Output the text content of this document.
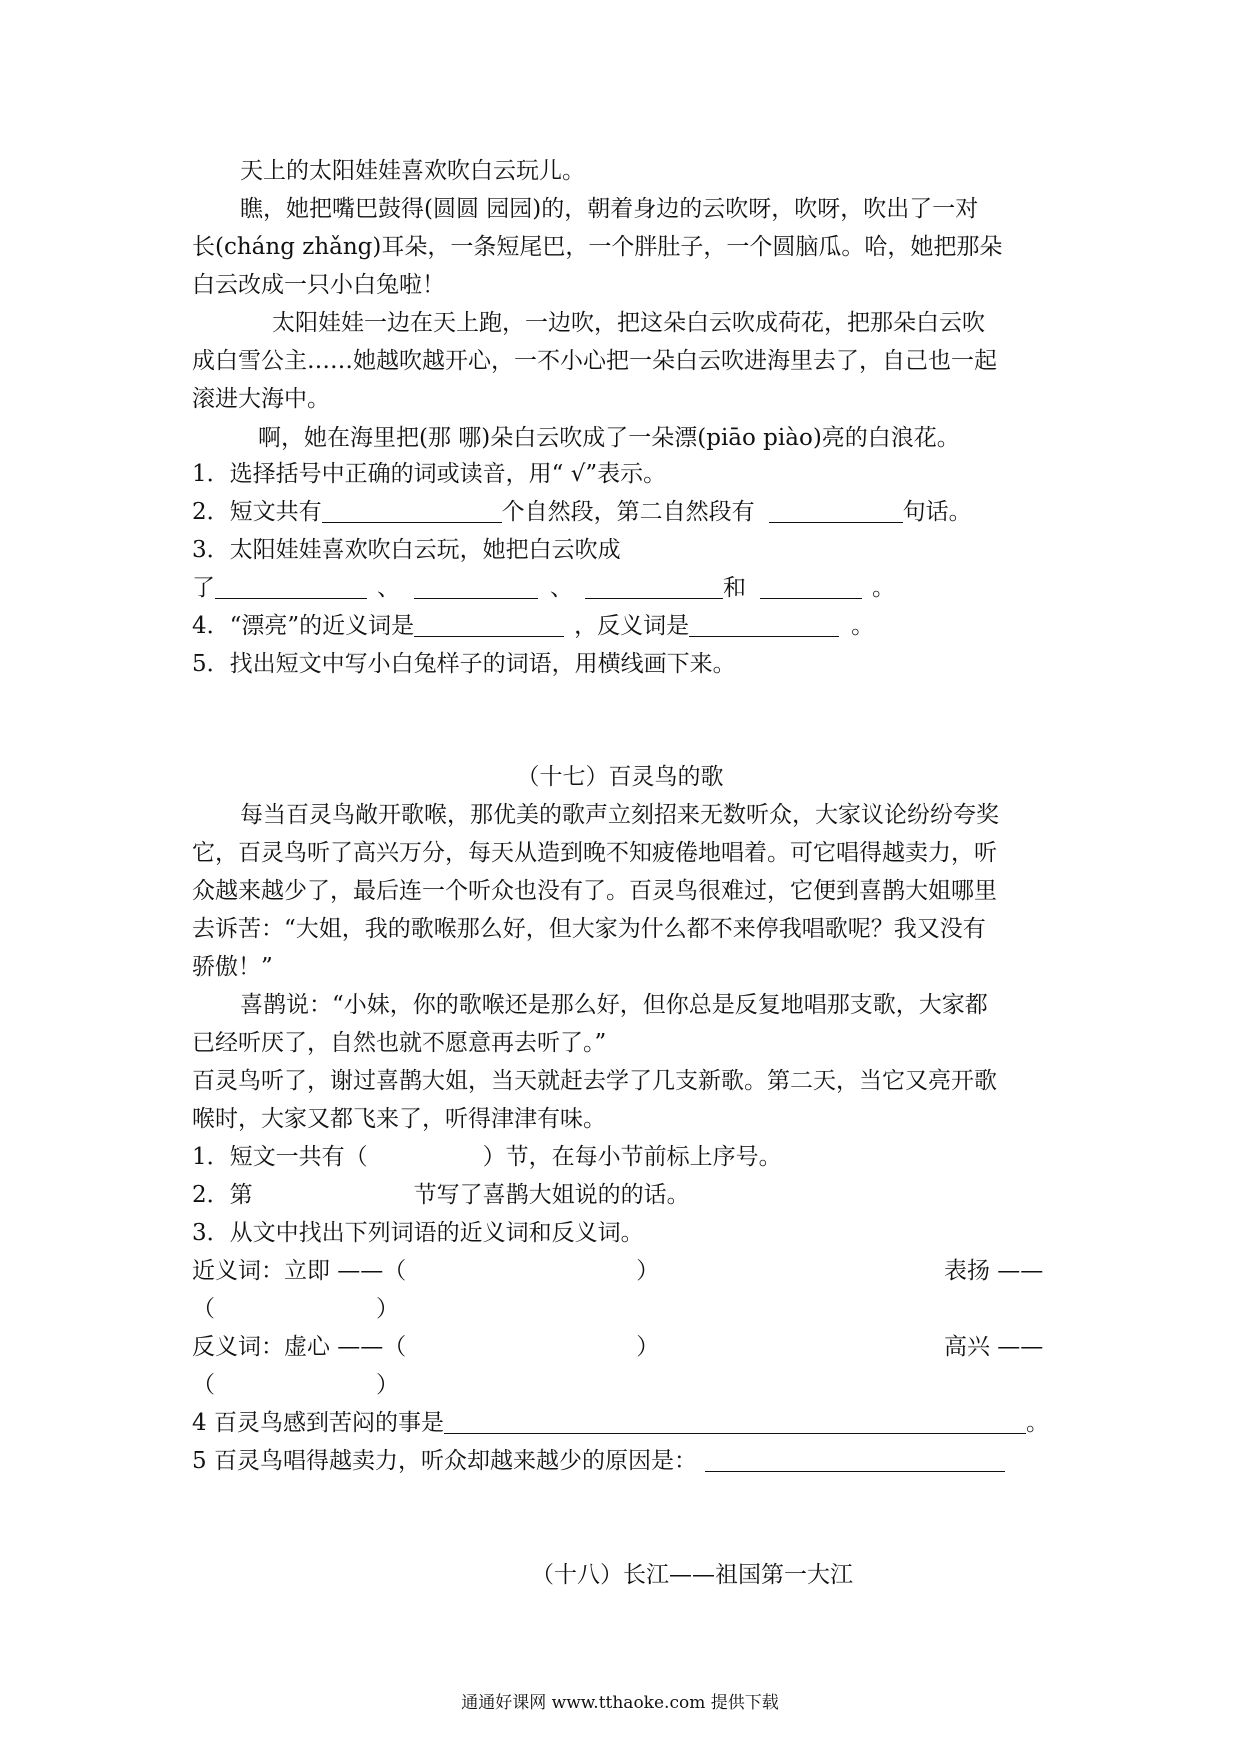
天上的太阳娃娃喜欢吹白云玩儿。
瞧，她把嘴巴鼓得(圆圆 园园)的，朝着身边的云吹呀，吹呀，吹出了一对
长(cháng zhǎng)耳朵，一条短尾巴，一个胖肚子，一个圆脑瓜。哈，她把那朵
白云改成一只小白兔啦！
太阳娃娃一边在天上跑，一边吹，把这朵白云吹成荷花，把那朵白云吹
成白雪公主……她越吹越开心，一不小心把一朵白云吹进海里去了，自己也一起
滚进大海中。
啊，她在海里把(那 哪)朵白云吹成了一朵漂(piāo piào)亮的白浪花。
1．选择括号中正确的词或读音，用“ √”表示。
2．短文共有	个自然段，第二自然段有	句话。
3．太阳娃娃喜欢吹白云玩，她把白云吹成
了	、	、	和	。
4．“漂亮”的近义词是	，反义词是	。
5．找出短文中写小白兔样子的词语，用横线画下来。
（十七）百灵鸟的歌
每当百灵鸟敞开歌喉，那优美的歌声立刻招来无数听众，大家议论纷纷夸奖
它，百灵鸟听了高兴万分，每天从造到晚不知疲倦地唱着。可它唱得越卖力，听
众越来越少了，最后连一个听众也没有了。百灵鸟很难过，它便到喜鹊大姐哪里
去诉苦：“大姐，我的歌喉那么好，但大家为什么都不来停我唱歌呢？我又没有
骄傲！”
喜鹊说：“小妹，你的歌喉还是那么好，但你总是反复地唱那支歌，大家都
已经听厌了，自然也就不愿意再去听了。”
百灵鸟听了，谢过喜鹊大姐，当天就赶去学了几支新歌。第二天，当它又亮开歌
喉时，大家又都飞来了，听得津津有味。
1．短文一共有（　　　　　）节，在每小节前标上序号。
2．第　　　　　　　节写了喜鹊大姐说的的话。
3．从文中找出下列词语的近义词和反义词。
近义词：立即 ——（　　　　　　　　　　）	表扬 ——
（　　　　　　　）
反义词：虚心 ——（　　　　　　　　　　）	高兴 ——
（　　　　　　　）
4 百灵鸟感到苦闷的事是	。
5 百灵鸟唱得越卖力，听众却越来越少的原因是：
（十八）长江——祖国第一大江
通通好课网 www.tthaoke.com 提供下载
